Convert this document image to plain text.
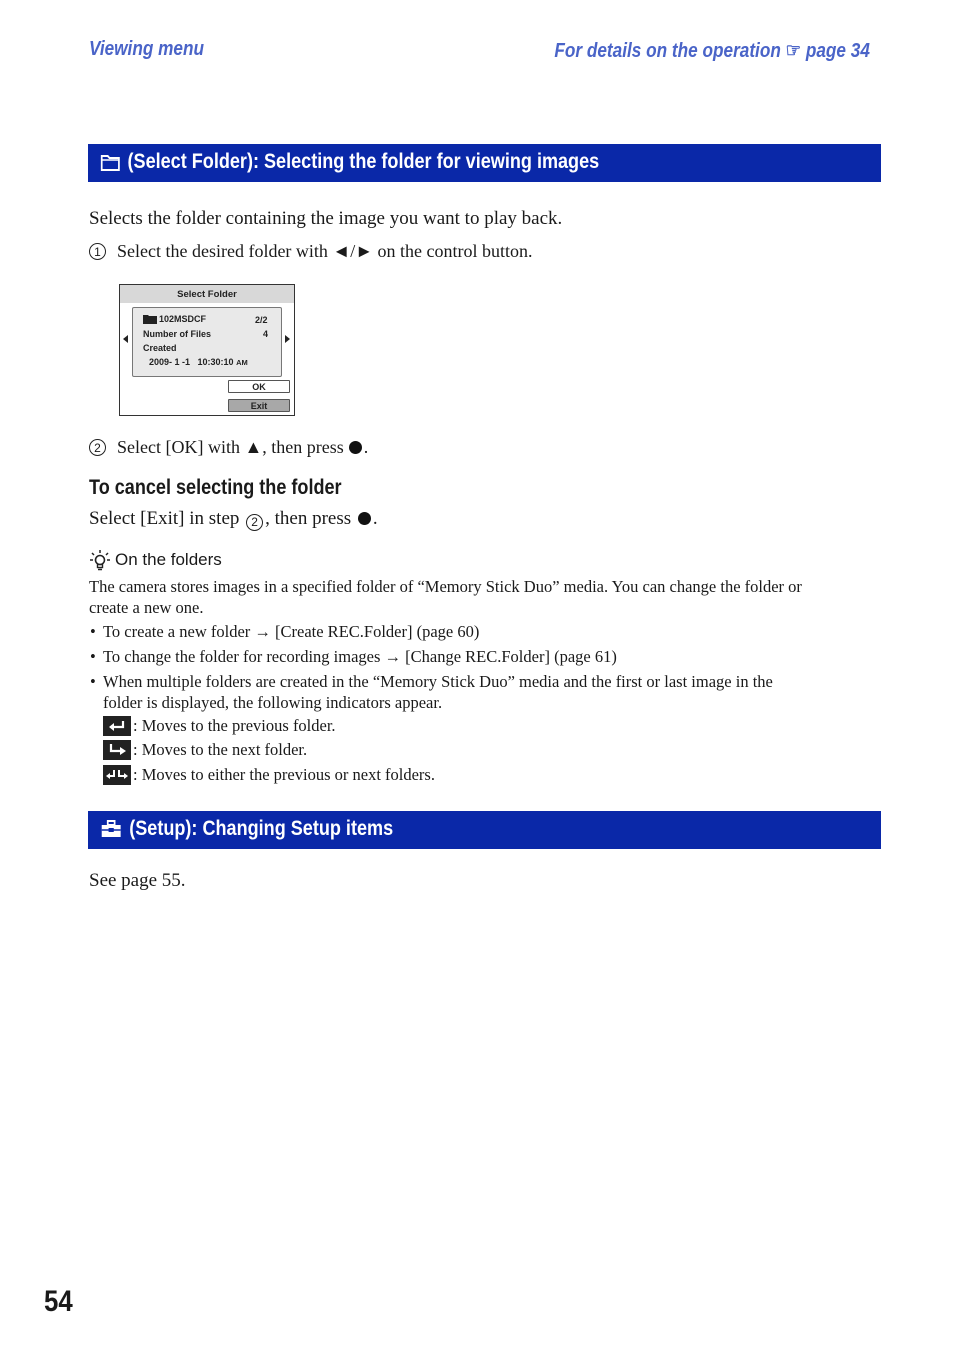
Viewing menu	For details on the operation ☞ page 34
(Select Folder): Selecting the folder for viewing images
Selects the folder containing the image you want to play back.
1 Select the desired folder with ◄/► on the control button.
Select Folder
102MSDCF	2/2
Number of Files	4
Created
2009- 1 -1   10:30:10 AM
OK
Exit
2 Select [OK] with ▲, then press .
To cancel selecting the folder
Select [Exit] in step 2 , then press .
On the folders
The camera stores images in a specified folder of “Memory Stick Duo” media. You can change the folder or
create a new one.
• To create a new folder → [Create REC.Folder] (page 60)
• To change the folder for recording images → [Change REC.Folder] (page 61)
• When multiple folders are created in the “Memory Stick Duo” media and the first or last image in the
folder is displayed, the following indicators appear.
: Moves to the previous folder.
: Moves to the next folder.
: Moves to either the previous or next folders.
(Setup): Changing Setup items
See page 55.
54
